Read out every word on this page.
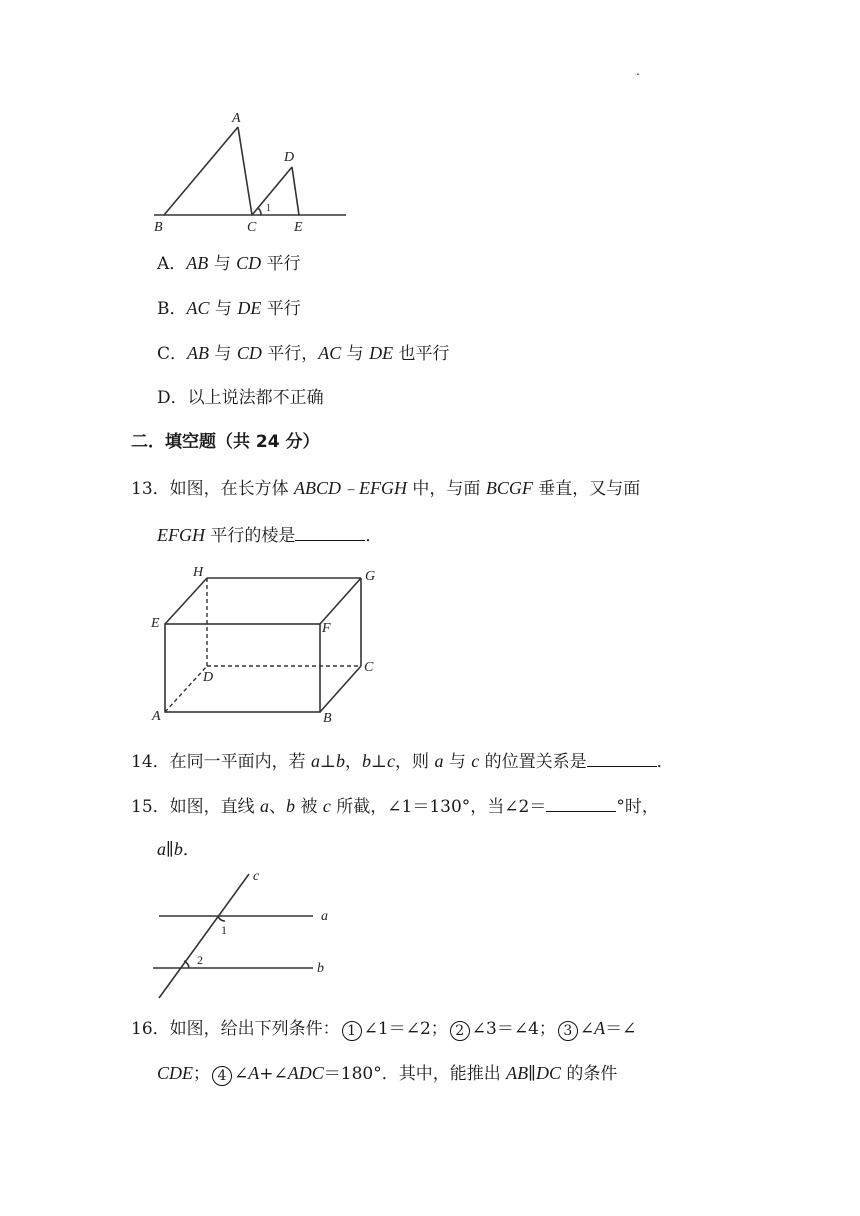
.
A
B	C
D
E
1
A．AB 与 CD 平行
B．AC 与 DE 平行
C．AB 与 CD 平行，AC 与 DE 也平行
D．以上说法都不正确
二．填空题（共 24 分）
13．如图，在长方体 ABCD﹣EFGH 中，与面 BCGF 垂直，又与面
EFGH 平行的棱是	．
H	G
E	F
D
C
A	B
14．在同一平面内，若 a⊥b，b⊥c，则 a 与 c 的位置关系是	．
15．如图，直线 a、b 被 c 所截，∠1＝130°，当∠2＝	°时，
a∥b．
c
a
b
1
2
16．如图，给出下列条件： 1 ∠1＝∠2； 2 ∠3＝∠4； 3 ∠A＝∠
CDE； 4 ∠A+∠ADC＝180°．其中，能推出 AB∥DC 的条件
